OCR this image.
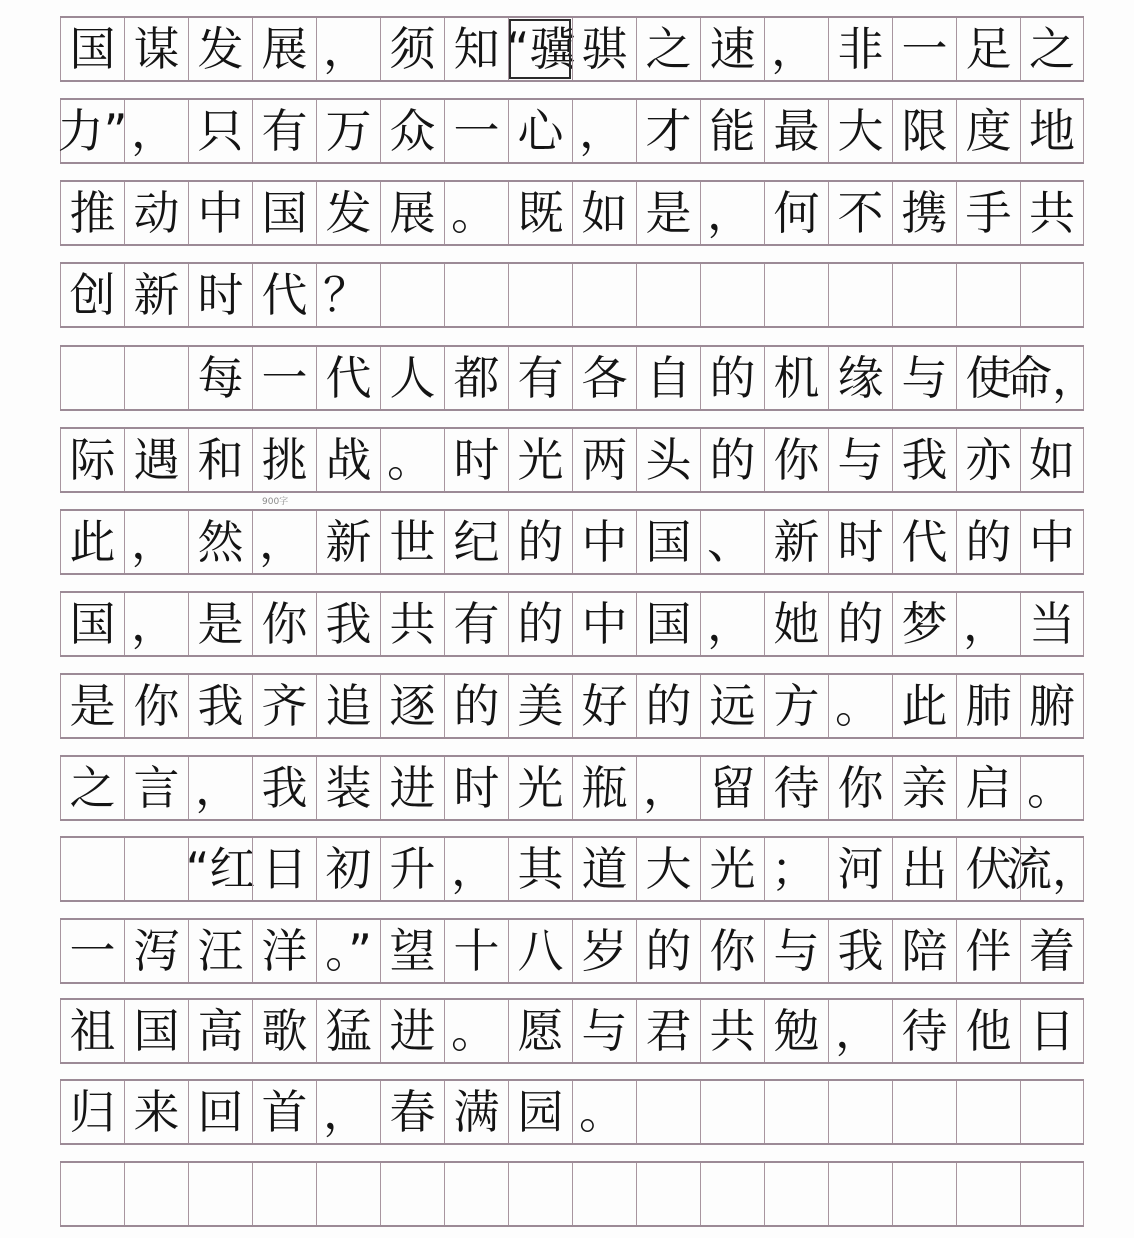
国 谋 发 展 ， 须 知 “骥 骐 之 速 ， 非 一 足 之
力” ， 只 有 万 众 一 心 ， 才 能 最 大 限 度 地
推 动 中 国 发 展 。 既 如 是 ， 何 不 携 手 共
创 新 时 代 ？
每 一 代 人 都 有 各 自 的 机 缘 与 使
命，
际 遇 和 挑 战 。 时 光 两 头 的 你 与 我 亦 如
此 ， 然 ， 新 世 纪 的 中 国 、 新 时 代 的 中
国 ， 是 你 我 共 有 的 中 国 ， 她 的 梦 ， 当
是 你 我 齐 追 逐 的 美 好 的 远 方 。 此 肺 腑
之 言 ， 我 装 进 时 光 瓶 ， 留 待 你 亲 启 。
“红 日 初 升 ， 其 道 大 光 ； 河 出 伏
流，
一 泻 汪 洋 。” 望 十 八 岁 的 你 与 我 陪 伴 着
祖 国 高 歌 猛 进 。 愿 与 君 共 勉 ， 待 他 日
归 来 回 首 ， 春 满 园 。
900字
